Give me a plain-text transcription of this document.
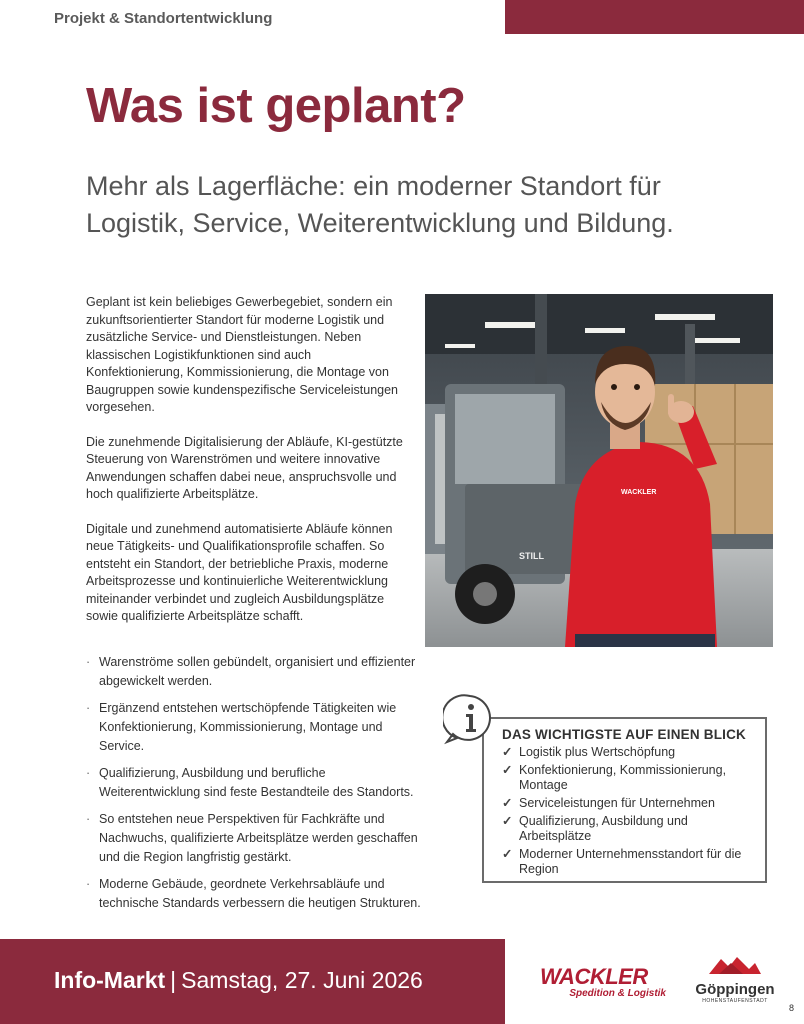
Projekt & Standortentwicklung
Was ist geplant?
Mehr als Lagerfläche: ein moderner Standort für Logistik, Service, Weiterentwicklung und Bildung.

Geplant ist kein beliebiges Gewerbegebiet, sondern ein zukunftsorientierter Standort für moderne Logistik und zusätzliche Service- und Dienstleistungen. Neben klassischen Logistikfunktionen sind auch Konfektionierung, Kommissionierung, die Montage von Baugruppen sowie kundenspezifische Serviceleistungen vorgesehen.

Die zunehmende Digitalisierung der Abläufe, KI-gestützte Steuerung von Warenströmen und weitere innovative Anwendungen schaffen dabei neue, anspruchsvolle und hoch qualifizierte Arbeitsplätze.

Digitale und zunehmend automatisierte Abläufe können neue Tätigkeits- und Qualifikationsprofile schaffen. So entsteht ein Standort, der betriebliche Praxis, moderne Arbeitsprozesse und kontinuierliche Weiterentwicklung miteinander verbindet und zugleich Ausbildungsplätze sowie qualifizierte Arbeitsplätze schafft.

STILL
WACKLER
· Warenströme sollen gebündelt, organisiert und effizienter abgewickelt werden.
· Ergänzend entstehen wertschöpfende Tätigkeiten wie Konfektionierung, Kommissionierung, Montage und Service.
· Qualifizierung, Ausbildung und berufliche Weiterentwicklung sind feste Bestandteile des Standorts.
· So entstehen neue Perspektiven für Fachkräfte und Nachwuchs, qualifizierte Arbeitsplätze werden geschaffen und die Region langfristig gestärkt.
· Moderne Gebäude, geordnete Verkehrsabläufe und technische Standards verbessern die heutigen Strukturen.
DAS WICHTIGSTE AUF EINEN BLICK
✓ Logistik plus Wertschöpfung
✓ Konfektionierung, Kommissionierung, Montage
✓ Serviceleistungen für Unternehmen
✓ Qualifizierung, Ausbildung und Arbeitsplätze
✓ Moderner Unternehmensstandort für die Region
Info-Markt | Samstag, 27. Juni 2026	WACKLER
Spedition & Logistik	Göppingen
HOHENSTAUFENSTADT
8
